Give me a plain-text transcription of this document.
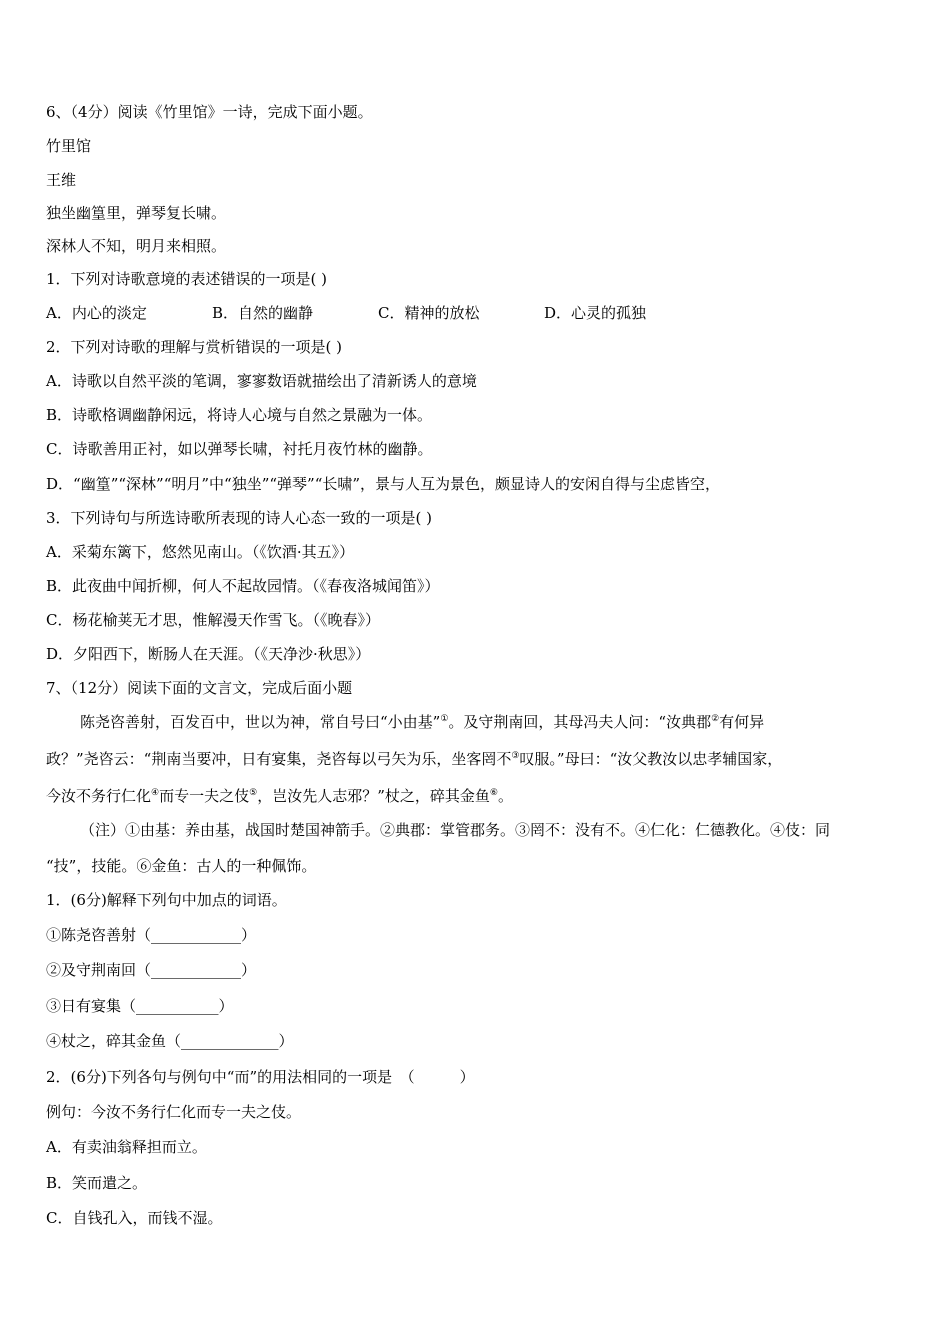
6、（4分）阅读《竹里馆》一诗，完成下面小题。
竹里馆
王维
独坐幽篁里，弹琴复长啸。
深林人不知，明月来相照。
1．下列对诗歌意境的表述错误的一项是( )
A．内心的淡定	B．自然的幽静	C．精神的放松	D．心灵的孤独
2．下列对诗歌的理解与赏析错误的一项是( )
A．诗歌以自然平淡的笔调，寥寥数语就描绘出了清新诱人的意境
B．诗歌格调幽静闲远，将诗人心境与自然之景融为一体。
C．诗歌善用正衬，如以弹琴长啸，衬托月夜竹林的幽静。
D．“幽篁”“深林”“明月”中“独坐”“弹琴”“长啸”，景与人互为景色，颇显诗人的安闲自得与尘虑皆空，
3．下列诗句与所选诗歌所表现的诗人心态一致的一项是( )
A．采菊东篱下，悠然见南山。（《饮酒·其五》）
B．此夜曲中闻折柳，何人不起故园情。（《春夜洛城闻笛》）
C．杨花榆荚无才思，惟解漫天作雪飞。（《晚春》）
D．夕阳西下，断肠人在天涯。（《天净沙·秋思》）
7、（12分）阅读下面的文言文，完成后面小题
陈尧咨善射，百发百中，世以为神，常自号曰“小由基”①。及守荆南回，其母冯夫人问：“汝典郡②有何异
政？”尧咨云：“荆南当要冲，日有宴集，尧咨每以弓矢为乐，坐客罔不③叹服。”母曰：“汝父教汝以忠孝辅国家，
今汝不务行仁化④而专一夫之伎⑤，岂汝先人志邪？”杖之，碎其金鱼⑥。
（注）①由基：养由基，战国时楚国神箭手。②典郡：掌管郡务。③罔不：没有不。④仁化：仁德教化。④伎：同
“技”，技能。⑥金鱼：古人的一种佩饰。
1．(6分)解释下列句中加点的词语。
①陈尧咨善射（____________）
②及守荆南回（____________）
③日有宴集（___________）
④杖之，碎其金鱼（_____________）
2．(6分)下列各句与例句中“而”的用法相同的一项是　（　　　）
例句：今汝不务行仁化而专一夫之伎。
A．有卖油翁释担而立。
B．笑而遣之。
C．自钱孔入，而钱不湿。
